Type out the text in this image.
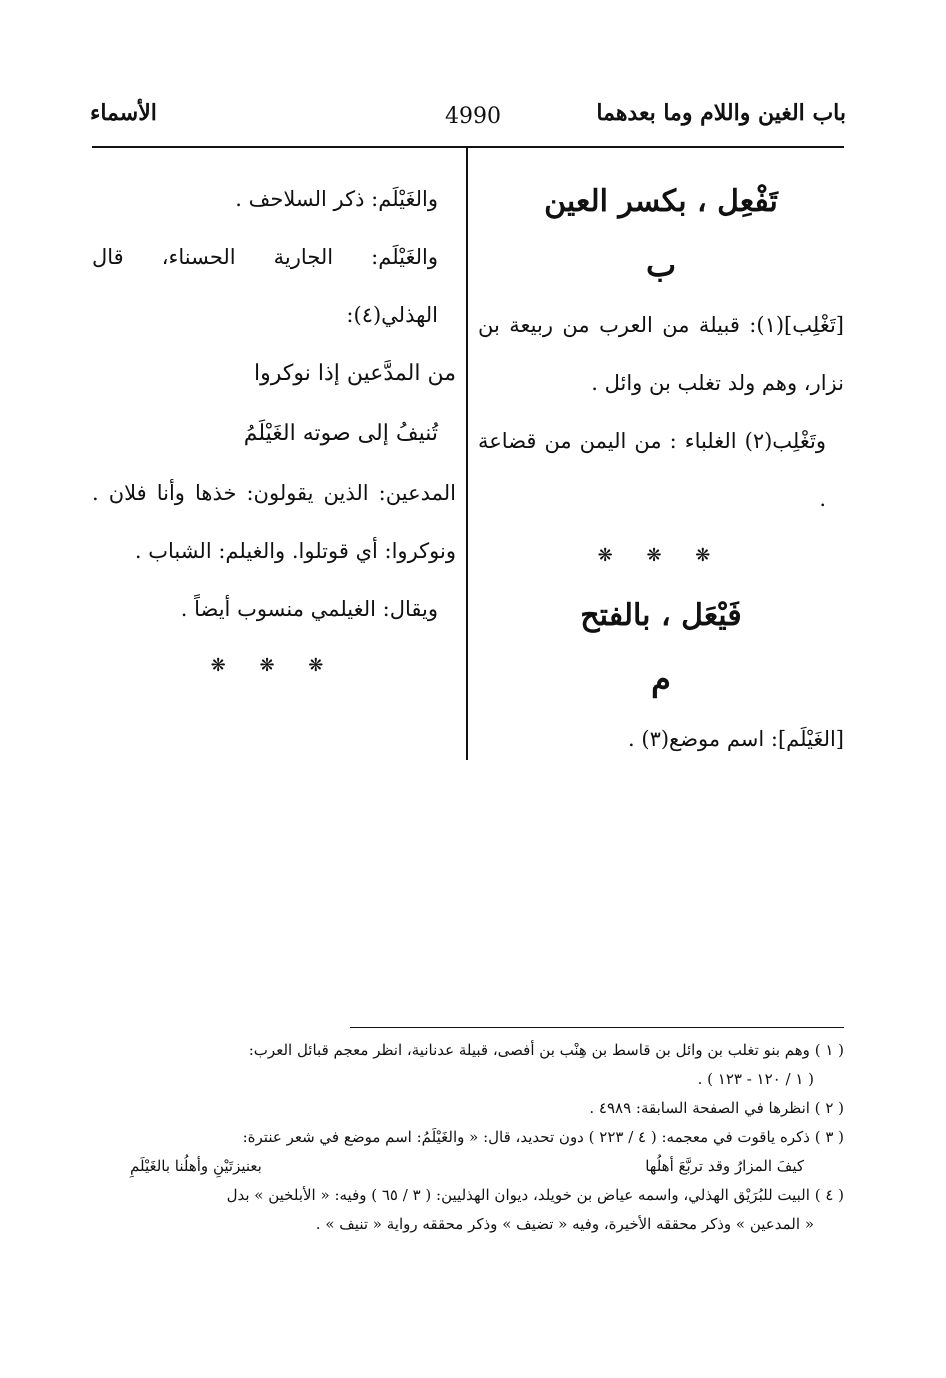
باب الغين واللام وما بعدهما
4990
الأسماء

تَفْعِل ، بكسر العين

ب

[تَغْلِب](١): قبيلة من العرب من ربيعة بن نزار، وهم ولد تغلب بن وائل .

وتَغْلِب(٢) الغلباء : من اليمن من قضاعة .

❋ ❋ ❋

فَيْعَل ، بالفتح

م

[الغَيْلَم]: اسم موضع(٣) .

والغَيْلَم: ذكر السلاحف .

والغَيْلَم: الجارية الحسناء، قال الهذلي(٤):

من المدَّعين إذا نوكروا

تُنيفُ إلى صوته الغَيْلَمُ

المدعين: الذين يقولون: خذها وأنا فلان . ونوكروا: أي قوتلوا. والغيلم: الشباب .

ويقال: الغيلمي منسوب أيضاً .

❋ ❋ ❋

( ١ ) وهم بنو تغلب بن وائل بن قاسط بن هِنْب بن أفصى، قبيلة عدنانية، انظر معجم قبائل العرب:

( ١ / ١٢٠ - ١٢٣ ) .

( ٢ ) انظرها في الصفحة السابقة: ٤٩٨٩ .

( ٣ ) ذكره ياقوت في معجمه: ( ٤ / ٢٢٣ ) دون تحديد، قال: « والغَيْلَمُ: اسم موضع في شعر عنترة:

كيفَ المزارُ وقد تربَّعَ أهلُها
بعنيزتَيْنِ وأهلُنا بالغَيْلَمِ

( ٤ ) البيت للبُرَيْق الهذلي، واسمه عياض بن خويلد، ديوان الهذليين: ( ٣ / ٦٥ ) وفيه: « الأبلخين » بدل

« المدعين » وذكر محققه الأخيرة، وفيه « تضيف » وذكر محققه رواية « تنيف » .
